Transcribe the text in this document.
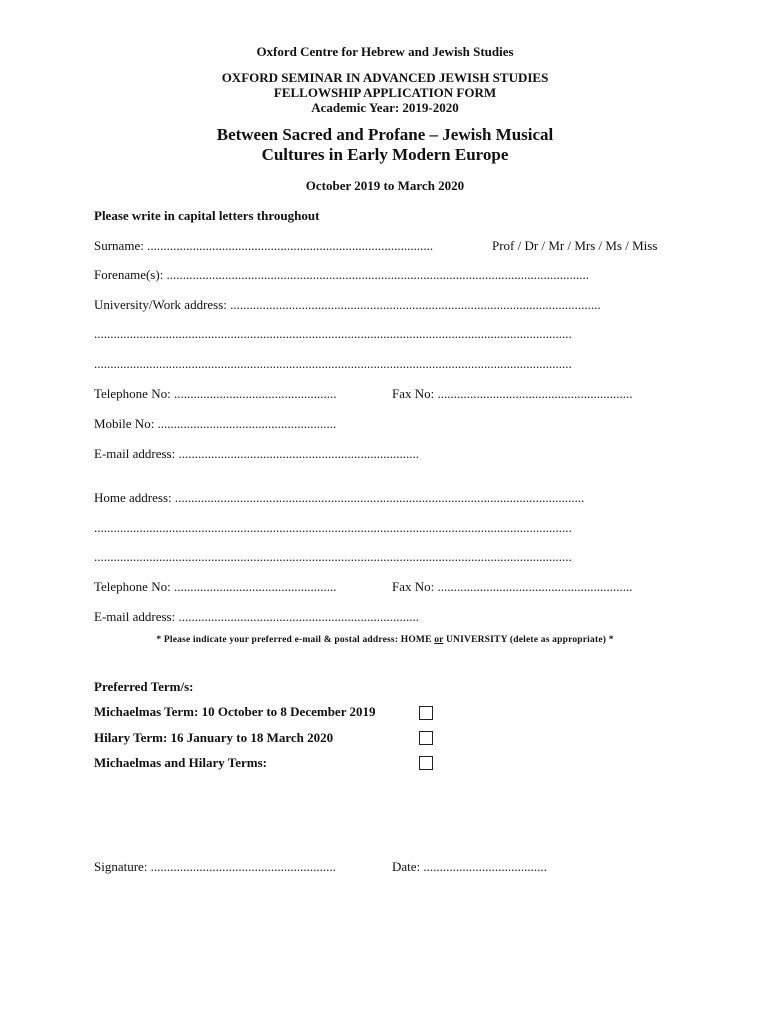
Oxford Centre for Hebrew and Jewish Studies
OXFORD SEMINAR IN ADVANCED JEWISH STUDIES
FELLOWSHIP APPLICATION FORM
Academic Year: 2019-2020
Between Sacred and Profane – Jewish Musical
Cultures in Early Modern Europe
October 2019 to March 2020
Please write in capital letters throughout
Surname: ........................................................................................	Prof / Dr / Mr / Mrs / Ms / Miss
Forename(s): ..................................................................................................................................
University/Work address: ..................................................................................................................
...................................................................................................................................................
...................................................................................................................................................
Telephone No: ..................................................	Fax No: ............................................................
Mobile No: .......................................................
E-mail address: ..........................................................................
Home address: ..............................................................................................................................
...................................................................................................................................................
...................................................................................................................................................
Telephone No: ..................................................	Fax No: ............................................................
E-mail address: ..........................................................................
* Please indicate your preferred e-mail & postal address: HOME or UNIVERSITY (delete as appropriate) *
Preferred Term/s:
Michaelmas Term: 10 October to 8 December 2019
Hilary Term: 16 January to 18 March 2020
Michaelmas and Hilary Terms:
Signature: .........................................................	Date: ......................................
